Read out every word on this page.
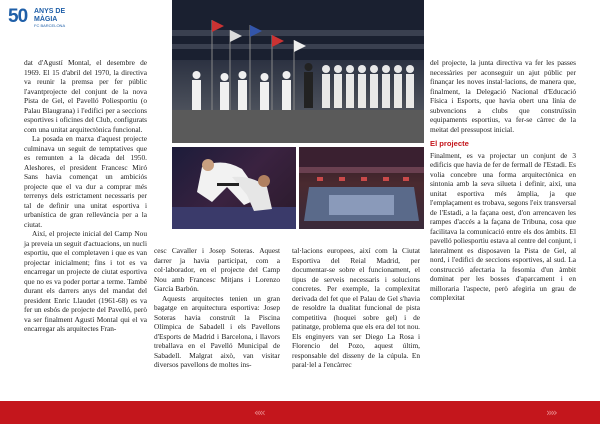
50 ANYS DE
MÀGIA
FC BARCELONA
ESCENARI DE GRANS ESDEVENIMENTS
Celebració del Masters de Tennis el 1972 o les competicions de judo i taekwondo en els Jocs Olímpics de Barcelona 92.

dat d'Agustí Montal, el desembre de 1969. El 15 d'abril del 1970, la directiva va reunir la premsa per fer públic l'avantprojecte del conjunt de la nova Pista de Gel, el Pavelló Poliesportiu (o Palau Blaugrana) i l'edifici per a seccions esportives i oficines del Club, configurats com una unitat arquitectònica funcional.

La posada en marxa d'aquest projecte culminava un seguit de temptatives que es remunten a la dècada del 1950. Aleshores, el president Francesc Miró Sans havia començat un ambiciós projecte que el va dur a comprar més terrenys dels estrictament necessaris per tal de definir una unitat esportiva i urbanística de gran rellevància per a la ciutat.

Així, el projecte inicial del Camp Nou ja preveia un seguit d'actuacions, un nucli esportiu, que el completaven i que es van projectar inicialment; fins i tot es va encarregar un projecte de ciutat esportiva que no es va poder portar a terme. També durant els darrers anys del mandat del president Enric Llaudet (1961-68) es va fer un esbós de projecte del Pavelló, però va ser finalment Agustí Montal qui el va encarregar als arquitectes Fran-

cesc Cavaller i Josep Soteras. Aquest darrer ja havia participat, com a col·laborador, en el projecte del Camp Nou amb Francesc Mitjans i Lorenzo García Barbón.

Aquests arquitectes tenien un gran bagatge en arquitectura esportiva: Josep Soteras havia construït la Piscina Olímpica de Sabadell i els Pavellons d'Esports de Madrid i Barcelona, i llavors treballava en el Pavelló Municipal de Sabadell. Malgrat això, van visitar diversos pavellons de moltes ins-

tal·lacions europees, així com la Ciutat Esportiva del Reial Madrid, per documentar-se sobre el funcionament, el tipus de serveis necessaris i solucions concretes. Per exemple, la complexitat derivada del fet que el Palau de Gel s'havia de resoldre la dualitat funcional de pista competitiva (hoquei sobre gel) i de patinatge, problema que els era del tot nou. Els enginyers van ser Diego La Rosa i Florencio del Pozo, aquest últim, responsable del disseny de la cúpula. En paral·lel a l'encàrrec

del projecte, la junta directiva va fer les passes necessàries per aconseguir un ajut públic per finançar les noves instal·lacions, de manera que, finalment, la Delegació Nacional d'Educació Física i Esports, que havia obert una línia de subvencions a clubs que construïssin equipaments esportius, va fer-se càrrec de la meitat del pressupost inicial.

El projecte

Finalment, es va projectar un conjunt de 3 edificis que havia de fer de fermall de l'Estadi. Es volia concebre una forma arquitectònica en sintonia amb la seva silueta i definir, així, una unitat esportiva més àmplia, ja que l'emplaçament es trobava, segons l'eix transversal de l'Estadi, a la façana oest, d'on arrencaven les rampes d'accés a la façana de Tribuna, cosa que facilitava la comunicació entre els dos àmbits. El pavelló poliesportiu estava al centre del conjunt, i lateralment es disposaven la Pista de Gel, al nord, i l'edifici de seccions esportives, al sud. La construcció afectaria la fesomia d'un àmbit dominat per les bosses d'aparcament i en milloraria l'aspecte, però afegiria un grau de complexitat

‹‹‹‹	››››
